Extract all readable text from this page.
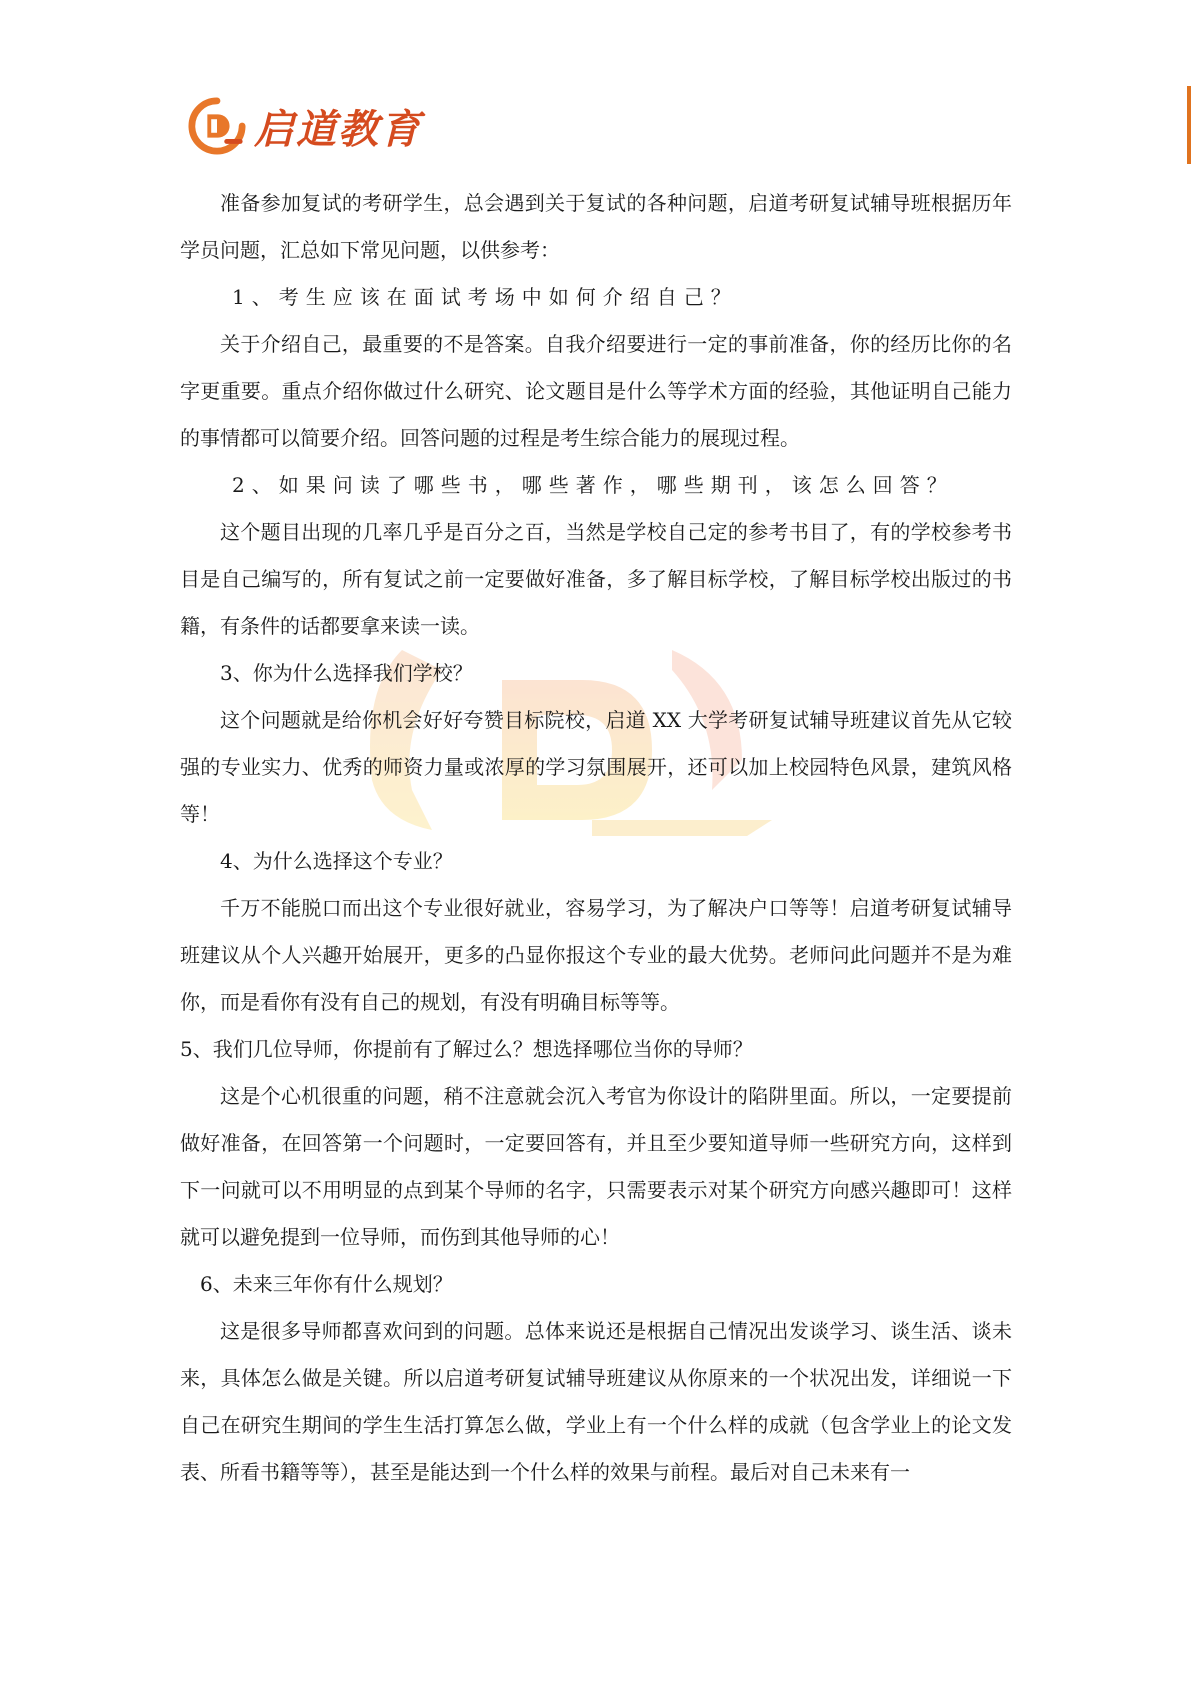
启道教育

准备参加复试的考研学生，总会遇到关于复试的各种问题，启道考研复试辅导班根据历年学员问题，汇总如下常见问题，以供参考：

1、考生应该在面试考场中如何介绍自己？

关于介绍自己，最重要的不是答案。自我介绍要进行一定的事前准备，你的经历比你的名字更重要。重点介绍你做过什么研究、论文题目是什么等学术方面的经验，其他证明自己能力的事情都可以简要介绍。回答问题的过程是考生综合能力的展现过程。

2、如果问读了哪些书，哪些著作，哪些期刊，该怎么回答？

这个题目出现的几率几乎是百分之百，当然是学校自己定的参考书目了，有的学校参考书目是自己编写的，所有复试之前一定要做好准备，多了解目标学校，了解目标学校出版过的书籍，有条件的话都要拿来读一读。

3、你为什么选择我们学校？

这个问题就是给你机会好好夸赞目标院校，启道 XX 大学考研复试辅导班建议首先从它较强的专业实力、优秀的师资力量或浓厚的学习氛围展开，还可以加上校园特色风景，建筑风格等！

4、为什么选择这个专业？

千万不能脱口而出这个专业很好就业，容易学习，为了解决户口等等！启道考研复试辅导班建议从个人兴趣开始展开，更多的凸显你报这个专业的最大优势。老师问此问题并不是为难你，而是看你有没有自己的规划，有没有明确目标等等。

5、我们几位导师，你提前有了解过么？想选择哪位当你的导师？

这是个心机很重的问题，稍不注意就会沉入考官为你设计的陷阱里面。所以，一定要提前做好准备，在回答第一个问题时，一定要回答有，并且至少要知道导师一些研究方向，这样到下一问就可以不用明显的点到某个导师的名字，只需要表示对某个研究方向感兴趣即可！这样就可以避免提到一位导师，而伤到其他导师的心！

6、未来三年你有什么规划？

这是很多导师都喜欢问到的问题。总体来说还是根据自己情况出发谈学习、谈生活、谈未来，具体怎么做是关键。所以启道考研复试辅导班建议从你原来的一个状况出发，详细说一下自己在研究生期间的学生生活打算怎么做，学业上有一个什么样的成就（包含学业上的论文发表、所看书籍等等），甚至是能达到一个什么样的效果与前程。最后对自己未来有一
